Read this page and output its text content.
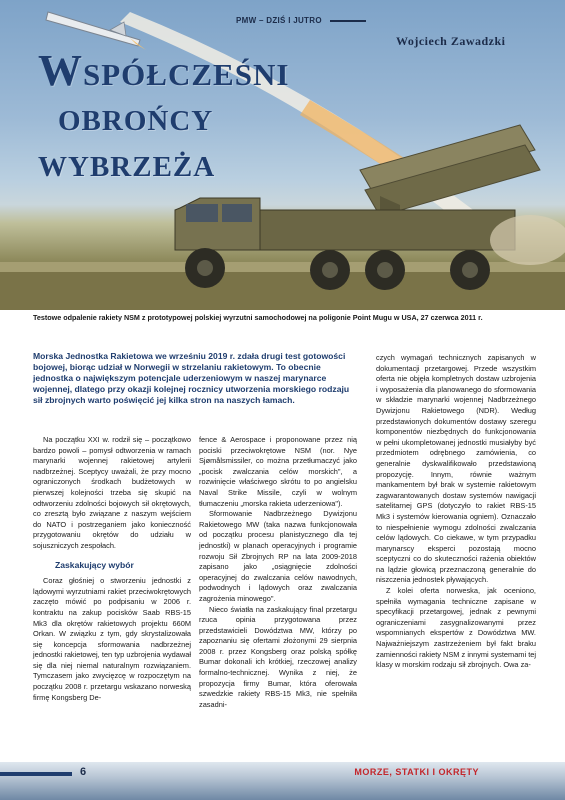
PMW – DZIŚ I JUTRO
Wojciech Zawadzki
Współcześni
obrońcy
wybrzeża
Testowe odpalenie rakiety NSM z prototypowej polskiej wyrzutni samochodowej na poligonie Point Mugu w USA, 27 czerwca 2011 r.
Morska Jednostka Rakietowa we wrześniu 2019 r. zdała drugi test gotowości bojowej, biorąc udział w Norwegii w strzelaniu rakietowym. To obecnie jednostka o największym potencjale uderzeniowym w naszej marynarce wojennej, dlatego przy okazji kolejnej rocznicy utworzenia morskiego rodzaju sił zbrojnych warto poświęcić jej kilka stron na naszych łamach.

Na początku XXI w. rodził się – początkowo bardzo powoli – pomysł odtworzenia w ramach marynarki wojennej rakietowej artylerii nadbrzeżnej. Sceptycy uważali, że przy mocno ograniczonych środkach budżetowych w pierwszej kolejności trzeba się skupić na odtworzeniu zdolności bojowych sił okrętowych, co zresztą było związane z naszym wejściem do NATO i postrzeganiem jako konieczność przygotowaniu okrętów do udziału w sojuszniczych zespołach.

Zaskakujący wybór

Coraz głośniej o stworzeniu jednostki z lądowymi wyrzutniami rakiet przeciwokrętowych zaczęto mówić po podpisaniu w 2006 r. kontraktu na zakup pocisków Saab RBS-15 Mk3 dla okrętów rakietowych projektu 660M Orkan. W związku z tym, gdy skrystalizowała się koncepcja sformowania nadbrzeżnej jednostki rakietowej, ten typ uzbrojenia wydawał się dla niej niemal naturalnym rozwiązaniem. Tymczasem jako zwycięzcę w rozpoczętym na początku 2008 r. przetargu wskazano norweską firmę Kongsberg De-

fence & Aerospace i proponowane przez nią pociski przeciwokrętowe NSM (nor. Nye Sjømålsmissiler, co można przetłumaczyć jako „pocisk zwalczania celów morskich", a rozwinięcie właściwego skrótu to po angielsku Naval Strike Missile, czyli w wolnym tłumaczeniu „morska rakieta uderzeniowa").

Sformowanie Nadbrzeżnego Dywizjonu Rakietowego MW (taka nazwa funkcjonowała od początku procesu planistycznego dla tej jednostki) w planach operacyjnych i programie rozwoju Sił Zbrojnych RP na lata 2009-2018 zapisano jako „osiągnięcie zdolności operacyjnej do zwalczania celów nawodnych, podwodnych i lądowych oraz zwalczania zagrożenia minowego".

Nieco światła na zaskakujący final przetargu rzuca opinia przygotowana przez przedstawicieli Dowództwa MW, którzy po zapoznaniu się ofertami złożonymi 29 sierpnia 2008 r. przez Kongsberg oraz polską spółkę Bumar dokonali ich krótkiej, rzeczowej analizy formalno-technicznej. Wynika z niej, że propozycja firmy Bumar, która oferowała szwedzkie rakiety RBS-15 Mk3, nie spełniła zasadni-

czych wymagań technicznych zapisanych w dokumentacji przetargowej. Przede wszystkim oferta nie objęła kompletnych dostaw uzbrojenia i wyposażenia dla planowanego do sformowania w składzie marynarki wojennej Nadbrzeżnego Dywizjonu Rakietowego (NDR). Według przedstawionych dokumentów dostawy szeregu komponentów niezbędnych do funkcjonowania w pełni ukompletowanej jednostki musiałyby być przedmiotem odrębnego zamówienia, co generalnie dyskwalifikowało przedstawioną propozycję. Innym, równie ważnym mankamentem był brak w systemie rakietowym zagwarantowanych dostaw systemów nawigacji satelitarnej GPS (dotyczyło to rakiet RBS-15 Mk3 i systemów kierowania ogniem). Oznaczało to niespełnienie wymogu zdolności zwalczania celów lądowych. Co ciekawe, w tym przypadku marynarscy eksperci pozostają mocno sceptyczni co do skuteczności rażenia obiektów na lądzie głowicą przeznaczoną generalnie do niszczenia jednostek pływających.

Z kolei oferta norweska, jak oceniono, spełniła wymagania techniczne zapisane w specyfikacji przetargowej, jednak z pewnymi ograniczeniami zasygnalizowanymi przez wspomnianych ekspertów z Dowództwa MW. Najważniejszym zastrzeżeniem był fakt braku zamienności rakiety NSM z innymi systemami tej klasy w morskim rodzaju sił zbrojnych. Owa za-

6	MORZE, STATKI I OKRĘTY
